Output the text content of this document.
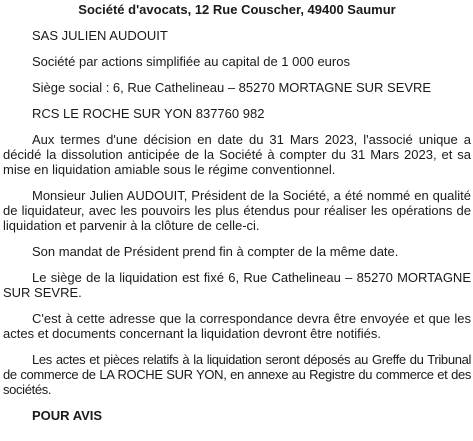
Société d'avocats, 12 Rue Couscher, 49400 Saumur

SAS JULIEN AUDOUIT

Société par actions simplifiée au capital de 1 000 euros

Siège social : 6, Rue Cathelineau – 85270 MORTAGNE SUR SEVRE

RCS LE ROCHE SUR YON 837760 982

Aux termes d'une décision en date du 31 Mars 2023, l'associé unique a décidé la dissolution anticipée de la Société à compter du 31 Mars 2023, et sa mise en liquidation amiable sous le régime conventionnel.

Monsieur Julien AUDOUIT, Président de la Société, a été nommé en qualité de liquidateur, avec les pouvoirs les plus étendus pour réaliser les opérations de liquidation et parvenir à la clôture de celle-ci.

Son mandat de Président prend fin à compter de la même date.

Le siège de la liquidation est fixé 6, Rue Cathelineau – 85270 MORTAGNE SUR SEVRE.

C'est à cette adresse que la correspondance devra être envoyée et que les actes et documents concernant la liquidation devront être notifiés.

Les actes et pièces relatifs à la liquidation seront déposés au Greffe du Tribunal de commerce de LA ROCHE SUR YON, en annexe au Registre du commerce et des sociétés.

POUR AVIS
